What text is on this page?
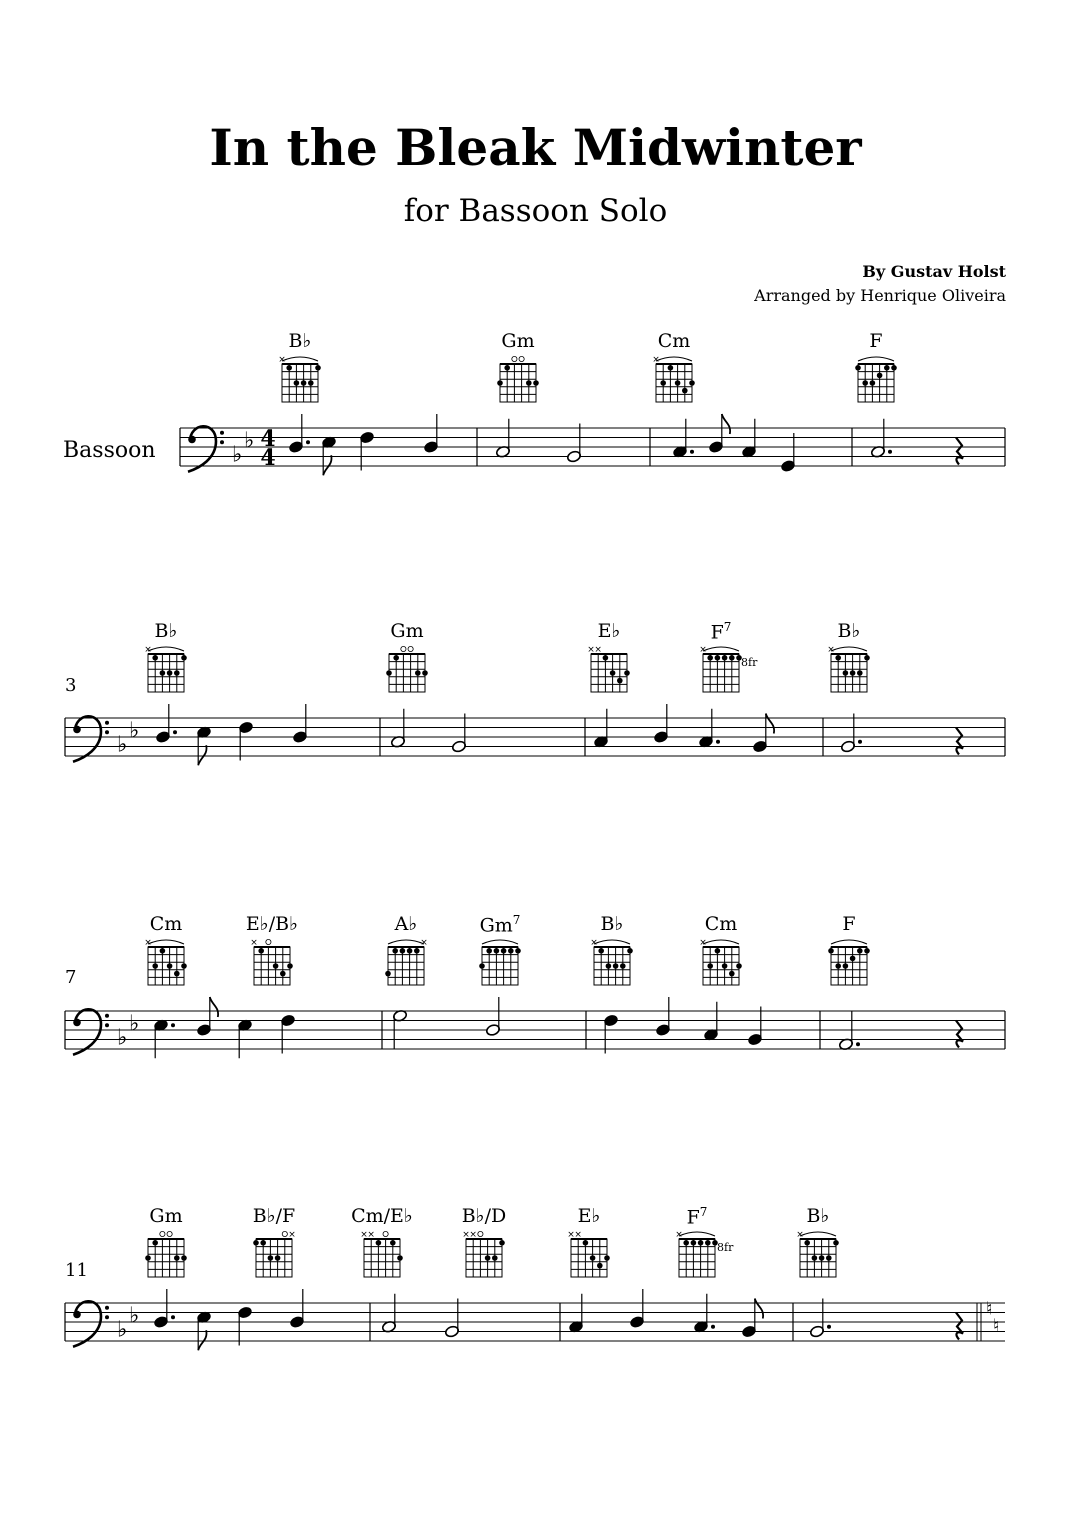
In the Bleak Midwinter
for Bassoon Solo
By Gustav Holst
Arranged by Henrique Oliveira
Bassoon
B♭
×
Gm	Cm
×
F
♭
♭ 4
4
B♭
×
Gm	E♭
× ×
$F^7$
×
8fr
B♭
×
♭
♭
Cm
×
E♭/B♭
×
A♭
×
$Gm^7$	B♭
×
Cm
×
F
♭
♭
Gm	B♭/F
×
Cm/E♭
× ×
B♭/D
× ×
E♭
× ×
$F^7$
×
8fr
B♭
×
♮
♮
♭
♭
3
7
11
